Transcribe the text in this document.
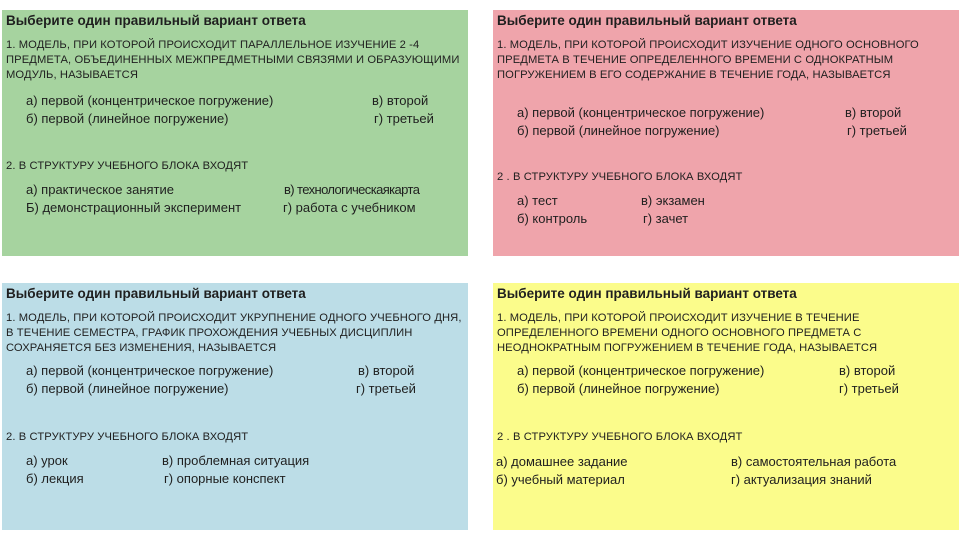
Выберите один правильный вариант ответа
1. МОДЕЛЬ, ПРИ КОТОРОЙ ПРОИСХОДИТ ПАРАЛЛЕЛЬНОЕ ИЗУЧЕНИЕ 2 -4 ПРЕДМЕТА, ОБЪЕДИНЕННЫХ МЕЖПРЕДМЕТНЫМИ СВЯЗЯМИ И ОБРАЗУЮЩИМИ МОДУЛЬ, НАЗЫВАЕТСЯ
а) первой (концентрическое погружение)
б) первой (линейное погружение)
в) второй
г) третьей
2. В СТРУКТУРУ УЧЕБНОГО БЛОКА ВХОДЯТ
а) практическое занятие
Б) демонстрационный эксперимент
в) технологическаякарта
г) работа с учебником
Выберите один правильный вариант ответа
1. МОДЕЛЬ, ПРИ КОТОРОЙ ПРОИСХОДИТ ИЗУЧЕНИЕ ОДНОГО ОСНОВНОГО ПРЕДМЕТА В ТЕЧЕНИЕ ОПРЕДЕЛЕННОГО ВРЕМЕНИ С ОДНОКРАТНЫМ ПОГРУЖЕНИЕМ В ЕГО СОДЕРЖАНИЕ В ТЕЧЕНИЕ ГОДА, НАЗЫВАЕТСЯ
а) первой (концентрическое погружение)
б) первой (линейное погружение)
в) второй
г) третьей
2 . В СТРУКТУРУ УЧЕБНОГО БЛОКА ВХОДЯТ
а) тест
б) контроль
в) экзамен
г) зачет
Выберите один правильный вариант ответа
1. МОДЕЛЬ, ПРИ КОТОРОЙ ПРОИСХОДИТ УКРУПНЕНИЕ ОДНОГО УЧЕБНОГО ДНЯ, В ТЕЧЕНИЕ СЕМЕСТРА, ГРАФИК ПРОХОЖДЕНИЯ УЧЕБНЫХ ДИСЦИПЛИН СОХРАНЯЕТСЯ БЕЗ ИЗМЕНЕНИЯ, НАЗЫВАЕТСЯ
а) первой (концентрическое погружение)
б) первой (линейное погружение)
в) второй
г) третьей
2. В СТРУКТУРУ УЧЕБНОГО БЛОКА ВХОДЯТ
а) урок
б) лекция
в) проблемная ситуация
г) опорные конспект
Выберите один правильный вариант ответа
1. МОДЕЛЬ, ПРИ КОТОРОЙ ПРОИСХОДИТ ИЗУЧЕНИЕ В ТЕЧЕНИЕ ОПРЕДЕЛЕННОГО ВРЕМЕНИ ОДНОГО ОСНОВНОГО ПРЕДМЕТА С НЕОДНОКРАТНЫМ ПОГРУЖЕНИЕМ В ТЕЧЕНИЕ ГОДА, НАЗЫВАЕТСЯ
а) первой (концентрическое погружение)
б) первой (линейное погружение)
в) второй
г) третьей
2 . В СТРУКТУРУ УЧЕБНОГО БЛОКА ВХОДЯТ
а) домашнее задание
б) учебный материал
в) самостоятельная работа
г) актуализация знаний
